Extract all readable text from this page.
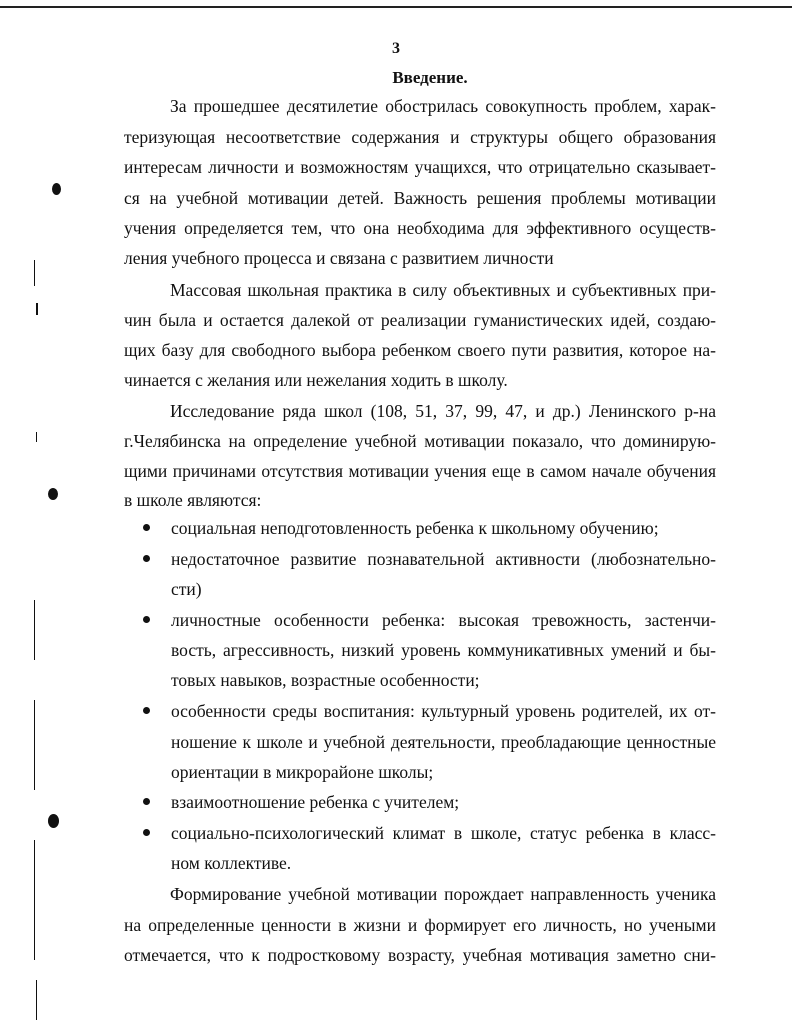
3
Введение.
За прошедшее десятилетие обострилась совокупность проблем, харак-
теризующая несоответствие содержания и структуры общего образования
интересам личности и возможностям учащихся, что отрицательно сказывает-
ся на учебной мотивации детей. Важность решения проблемы мотивации
учения определяется тем, что она необходима для эффективного осуществ-
ления учебного процесса и связана с развитием личности
Массовая школьная практика в силу объективных и субъективных при-
чин была и остается далекой от реализации гуманистических идей, создаю-
щих базу для свободного выбора ребенком своего пути развития, которое на-
чинается с желания или нежелания ходить в школу.
Исследование ряда школ (108, 51, 37, 99, 47, и др.) Ленинского р-на
г.Челябинска на определение учебной мотивации показало, что доминирую-
щими причинами отсутствия мотивации учения еще в самом начале обучения
в школе являются:
социальная неподготовленность ребенка к школьному обучению;
недостаточное развитие познавательной активности (любознательно-
сти)
личностные особенности ребенка: высокая тревожность, застенчи-
вость, агрессивность, низкий уровень коммуникативных умений и бы-
товых навыков, возрастные особенности;
особенности среды воспитания: культурный уровень родителей, их от-
ношение к школе и учебной деятельности, преобладающие ценностные
ориентации в микрорайоне школы;
взаимоотношение ребенка с учителем;
социально-психологический климат в школе, статус ребенка в класс-
ном коллективе.
Формирование учебной мотивации порождает направленность ученика
на определенные ценности в жизни и формирует его личность, но учеными
отмечается, что к подростковому возрасту, учебная мотивация заметно сни-
